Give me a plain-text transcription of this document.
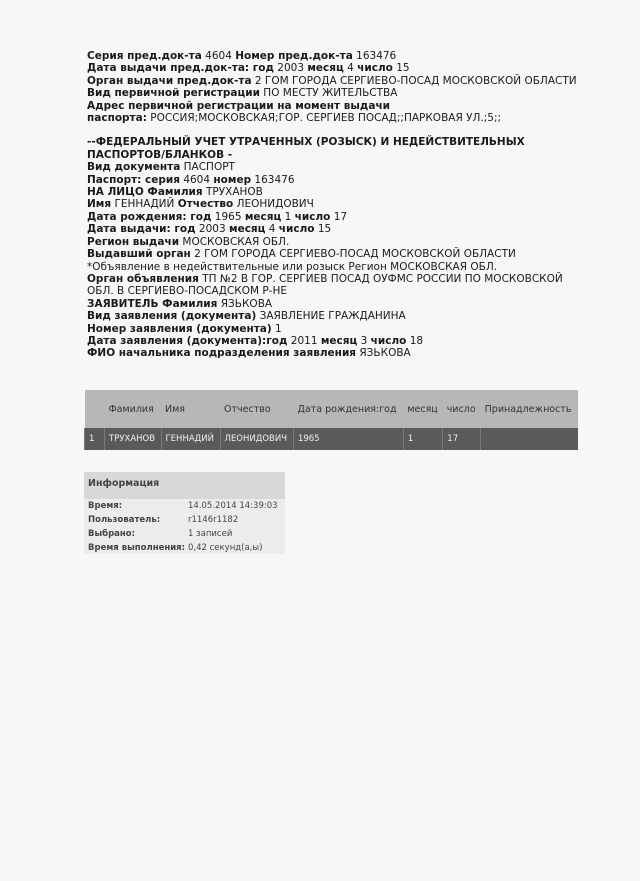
Серия пред.док-та 4604 Номер пред.док-та 163476
Дата выдачи пред.док-та: год 2003 месяц 4 число 15
Орган выдачи пред.док-та 2 ГОМ ГОРОДА СЕРГИЕВО-ПОСАД МОСКОВСКОЙ ОБЛАСТИ
Вид первичной регистрации ПО МЕСТУ ЖИТЕЛЬСТВА
Адрес первичной регистрации на момент выдачи
паспорта: РОССИЯ;МОСКОВСКАЯ;ГОР. СЕРГИЕВ ПОСАД;;ПАРКОВАЯ УЛ.;5;;
--ФЕДЕРАЛЬНЫЙ УЧЕТ УТРАЧЕННЫХ (РОЗЫСК) И НЕДЕЙСТВИТЕЛЬНЫХ
ПАСПОРТОВ/БЛАНКОВ -
Вид документа ПАСПОРТ
Паспорт: серия 4604 номер 163476
НА ЛИЦО Фамилия ТРУХАНОВ
Имя ГЕННАДИЙ Отчество ЛЕОНИДОВИЧ
Дата рождения: год 1965 месяц 1 число 17
Дата выдачи: год 2003 месяц 4 число 15
Регион выдачи МОСКОВСКАЯ ОБЛ.
Выдавший орган 2 ГОМ ГОРОДА СЕРГИЕВО-ПОСАД МОСКОВСКОЙ ОБЛАСТИ
*Объявление в недействительные или розыск Регион МОСКОВСКАЯ ОБЛ.
Орган объявления ТП №2 В ГОР. СЕРГИЕВ ПОСАД ОУФМС РОССИИ ПО МОСКОВСКОЙ
ОБЛ. В СЕРГИЕВО-ПОСАДСКОМ Р-НЕ
ЗАЯВИТЕЛЬ Фамилия ЯЗЬКОВА
Вид заявления (документа) ЗАЯВЛЕНИЕ ГРАЖДАНИНА
Номер заявления (документа) 1
Дата заявления (документа):год 2011 месяц 3 число 18
ФИО начальника подразделения заявления ЯЗЬКОВА
	Фамилия	Имя	Отчество	Дата рождения:год	месяц	число	Принадлежность
1	ТРУХАНОВ	ГЕННАДИЙ	ЛЕОНИДОВИЧ	1965	1	17	
Информация
Время:	14.05.2014 14:39:03
Пользователь:	r1146r1182
Выбрано:	1 записей
Время выполнения: 0,42 секунд(а,ы)
